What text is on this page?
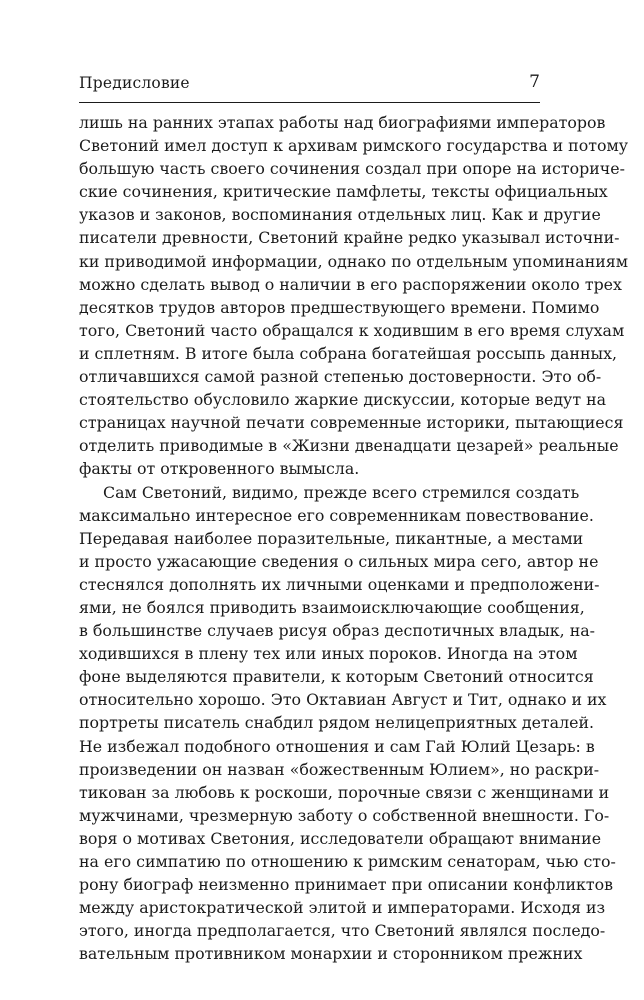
Предисловие	7
лишь на ранних этапах работы над биографиями императоров
Светоний имел доступ к архивам римского государства и потому
большую часть своего сочинения создал при опоре на историче-
ские сочинения, критические памфлеты, тексты официальных
указов и законов, воспоминания отдельных лиц. Как и другие
писатели древности, Светоний крайне редко указывал источни-
ки приводимой информации, однако по отдельным упоминаниям
можно сделать вывод о наличии в его распоряжении около трех
десятков трудов авторов предшествующего времени. Помимо
того, Светоний часто обращался к ходившим в его время слухам
и сплетням. В итоге была собрана богатейшая россыпь данных,
отличавшихся самой разной степенью достоверности. Это об-
стоятельство обусловило жаркие дискуссии, которые ведут на
страницах научной печати современные историки, пытающиеся
отделить приводимые в «Жизни двенадцати цезарей» реальные
факты от откровенного вымысла.
Сам Светоний, видимо, прежде всего стремился создать
максимально интересное его современникам повествование.
Передавая наиболее поразительные, пикантные, а местами
и просто ужасающие сведения о сильных мира сего, автор не
стеснялся дополнять их личными оценками и предположени-
ями, не боялся приводить взаимоисключающие сообщения,
в большинстве случаев рисуя образ деспотичных владык, на-
ходившихся в плену тех или иных пороков. Иногда на этом
фоне выделяются правители, к которым Светоний относится
относительно хорошо. Это Октавиан Август и Тит, однако и их
портреты писатель снабдил рядом нелицеприятных деталей.
Не избежал подобного отношения и сам Гай Юлий Цезарь: в
произведении он назван «божественным Юлием», но раскри-
тикован за любовь к роскоши, порочные связи с женщинами и
мужчинами, чрезмерную заботу о собственной внешности. Го-
воря о мотивах Светония, исследователи обращают внимание
на его симпатию по отношению к римским сенаторам, чью сто-
рону биограф неизменно принимает при описании конфликтов
между аристократической элитой и императорами. Исходя из
этого, иногда предполагается, что Светоний являлся последо-
вательным противником монархии и сторонником прежних
